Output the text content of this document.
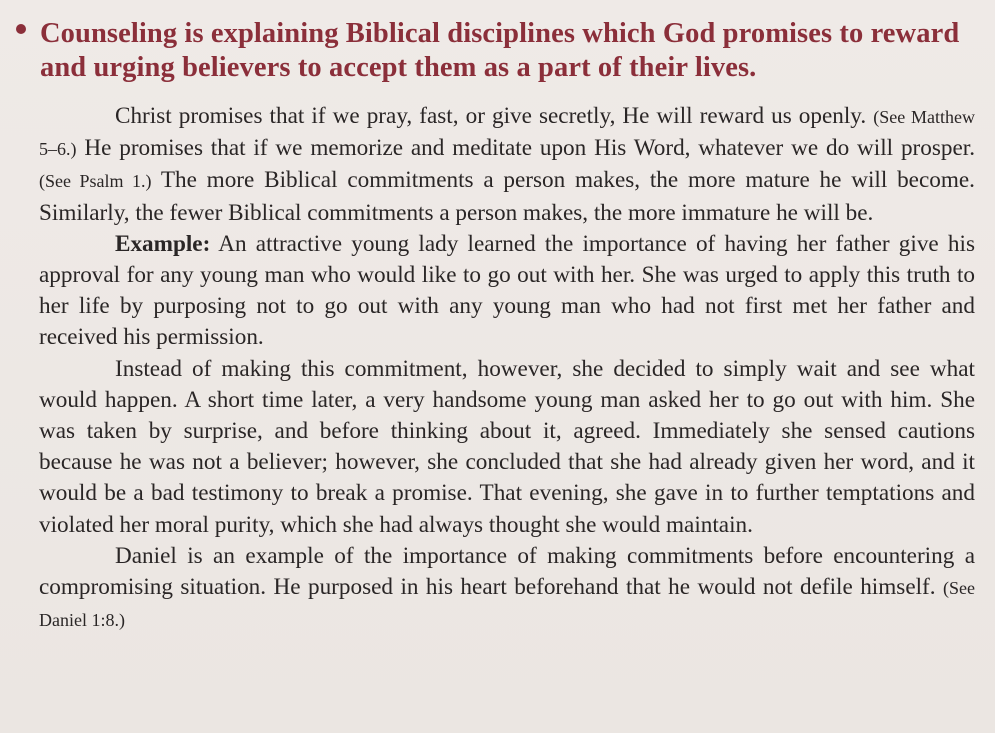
Counseling is explaining Biblical disciplines which God promises to reward and urging believers to accept them as a part of their lives.

Christ promises that if we pray, fast, or give secretly, He will reward us openly. (See Matthew 5–6.) He promises that if we memorize and meditate upon His Word, whatever we do will prosper. (See Psalm 1.) The more Biblical commitments a person makes, the more mature he will become. Similarly, the fewer Biblical commitments a person makes, the more immature he will be.

Example: An attractive young lady learned the importance of having her father give his approval for any young man who would like to go out with her. She was urged to apply this truth to her life by purposing not to go out with any young man who had not first met her father and received his permission.

Instead of making this commitment, however, she decided to simply wait and see what would happen. A short time later, a very handsome young man asked her to go out with him. She was taken by surprise, and before thinking about it, agreed. Immediately she sensed cautions because he was not a believer; however, she concluded that she had already given her word, and it would be a bad testimony to break a promise. That evening, she gave in to further temptations and violated her moral purity, which she had always thought she would maintain.

Daniel is an example of the importance of making commitments before encountering a compromising situation. He purposed in his heart beforehand that he would not defile himself. (See Daniel 1:8.)
